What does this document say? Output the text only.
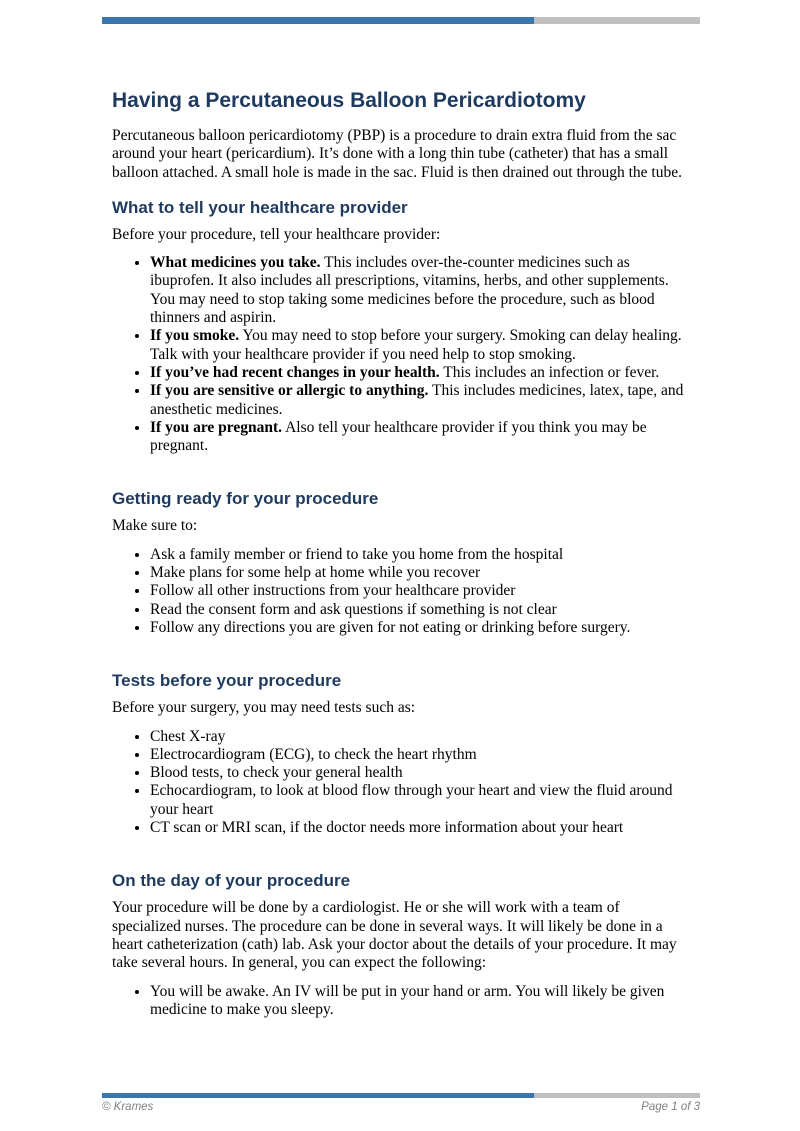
Having a Percutaneous Balloon Pericardiotomy

Percutaneous balloon pericardiotomy (PBP) is a procedure to drain extra fluid from the sac around your heart (pericardium). It’s done with a long thin tube (catheter) that has a small balloon attached. A small hole is made in the sac. Fluid is then drained out through the tube.

What to tell your healthcare provider

Before your procedure, tell your healthcare provider:

• What medicines you take. This includes over-the-counter medicines such as ibuprofen. It also includes all prescriptions, vitamins, herbs, and other supplements. You may need to stop taking some medicines before the procedure, such as blood thinners and aspirin.
• If you smoke. You may need to stop before your surgery. Smoking can delay healing. Talk with your healthcare provider if you need help to stop smoking.
• If you’ve had recent changes in your health. This includes an infection or fever.
• If you are sensitive or allergic to anything. This includes medicines, latex, tape, and anesthetic medicines.
• If you are pregnant. Also tell your healthcare provider if you think you may be pregnant.
Getting ready for your procedure

Make sure to:

• Ask a family member or friend to take you home from the hospital
• Make plans for some help at home while you recover
• Follow all other instructions from your healthcare provider
• Read the consent form and ask questions if something is not clear
• Follow any directions you are given for not eating or drinking before surgery.
Tests before your procedure

Before your surgery, you may need tests such as:

• Chest X-ray
• Electrocardiogram (ECG), to check the heart rhythm
• Blood tests, to check your general health
• Echocardiogram, to look at blood flow through your heart and view the fluid around your heart
• CT scan or MRI scan, if the doctor needs more information about your heart
On the day of your procedure

Your procedure will be done by a cardiologist. He or she will work with a team of specialized nurses. The procedure can be done in several ways. It will likely be done in a heart catheterization (cath) lab. Ask your doctor about the details of your procedure. It may take several hours. In general, you can expect the following:

• You will be awake. An IV will be put in your hand or arm. You will likely be given medicine to make you sleepy.
© Krames	Page 1 of 3
